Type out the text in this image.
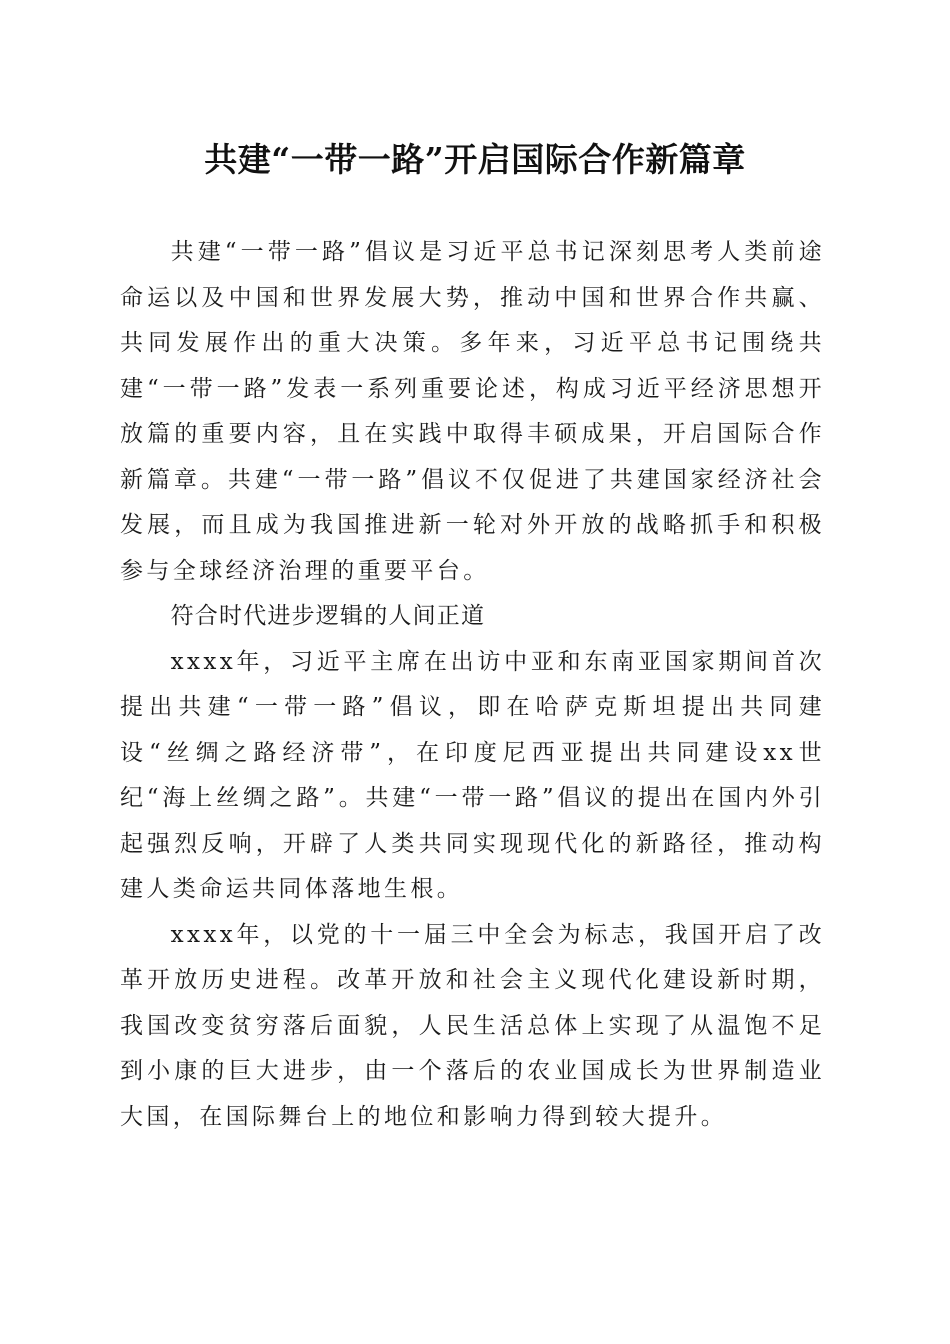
共建“一带一路”开启国际合作新篇章

共建“一带一路”倡议是习近平总书记深刻思考人类前途命运以及中国和世界发展大势，推动中国和世界合作共赢、共同发展作出的重大决策。多年来，习近平总书记围绕共建“一带一路”发表一系列重要论述，构成习近平经济思想开放篇的重要内容，且在实践中取得丰硕成果，开启国际合作新篇章。共建“一带一路”倡议不仅促进了共建国家经济社会发展，而且成为我国推进新一轮对外开放的战略抓手和积极参与全球经济治理的重要平台。

符合时代进步逻辑的人间正道

xxxx年，习近平主席在出访中亚和东南亚国家期间首次提出共建“一带一路”倡议，即在哈萨克斯坦提出共同建设“丝绸之路经济带”，在印度尼西亚提出共同建设xx世纪“海上丝绸之路”。共建“一带一路”倡议的提出在国内外引起强烈反响，开辟了人类共同实现现代化的新路径，推动构建人类命运共同体落地生根。

xxxx年，以党的十一届三中全会为标志，我国开启了改革开放历史进程。改革开放和社会主义现代化建设新时期，我国改变贫穷落后面貌，人民生活总体上实现了从温饱不足到小康的巨大进步，由一个落后的农业国成长为世界制造业大国，在国际舞台上的地位和影响力得到较大提升。
